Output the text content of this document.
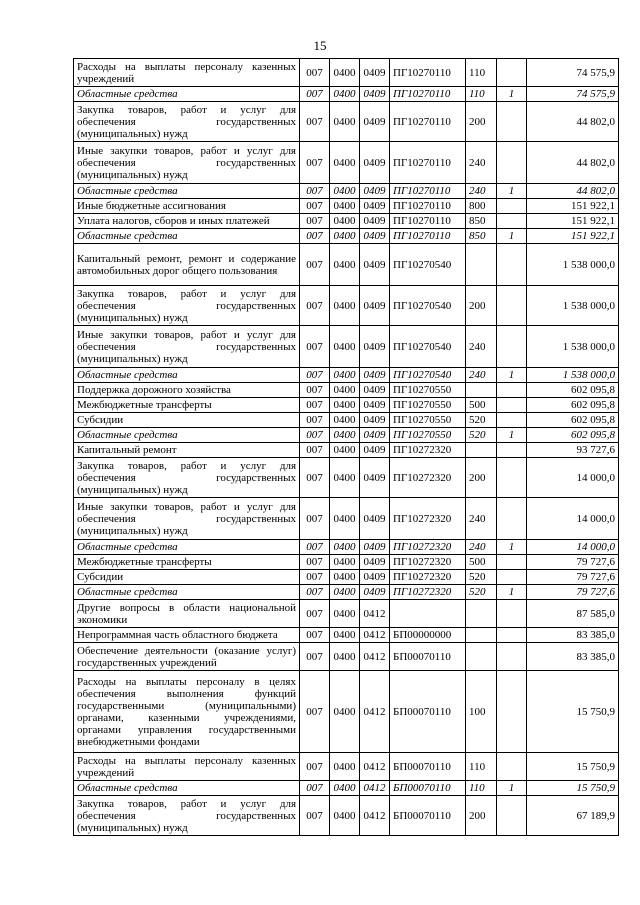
15
Расходы на выплаты персоналу казенных учреждений	007	0400	0409	ПГ10270110	110		74 575,9
Областные средства	007	0400	0409	ПГ10270110	110	1	74 575,9
Закупка товаров, работ и услуг для обеспечения государственных (муниципальных) нужд	007	0400	0409	ПГ10270110	200		44 802,0
Иные закупки товаров, работ и услуг для обеспечения государственных (муниципальных) нужд	007	0400	0409	ПГ10270110	240		44 802,0
Областные средства	007	0400	0409	ПГ10270110	240	1	44 802,0
Иные бюджетные ассигнования	007	0400	0409	ПГ10270110	800		151 922,1
Уплата налогов, сборов и иных платежей	007	0400	0409	ПГ10270110	850		151 922,1
Областные средства	007	0400	0409	ПГ10270110	850	1	151 922,1
Капитальный ремонт, ремонт и содержание автомобильных дорог общего пользования	007	0400	0409	ПГ10270540			1 538 000,0
Закупка товаров, работ и услуг для обеспечения государственных (муниципальных) нужд	007	0400	0409	ПГ10270540	200		1 538 000,0
Иные закупки товаров, работ и услуг для обеспечения государственных (муниципальных) нужд	007	0400	0409	ПГ10270540	240		1 538 000,0
Областные средства	007	0400	0409	ПГ10270540	240	1	1 538 000,0
Поддержка дорожного хозяйства	007	0400	0409	ПГ10270550			602 095,8
Межбюджетные трансферты	007	0400	0409	ПГ10270550	500		602 095,8
Субсидии	007	0400	0409	ПГ10270550	520		602 095,8
Областные средства	007	0400	0409	ПГ10270550	520	1	602 095,8
Капитальный ремонт	007	0400	0409	ПГ10272320			93 727,6
Закупка товаров, работ и услуг для обеспечения государственных (муниципальных) нужд	007	0400	0409	ПГ10272320	200		14 000,0
Иные закупки товаров, работ и услуг для обеспечения государственных (муниципальных) нужд	007	0400	0409	ПГ10272320	240		14 000,0
Областные средства	007	0400	0409	ПГ10272320	240	1	14 000,0
Межбюджетные трансферты	007	0400	0409	ПГ10272320	500		79 727,6
Субсидии	007	0400	0409	ПГ10272320	520		79 727,6
Областные средства	007	0400	0409	ПГ10272320	520	1	79 727,6
Другие вопросы в области национальной экономики	007	0400	0412				87 585,0
Непрограммная часть областного бюджета	007	0400	0412	БП00000000			83 385,0
Обеспечение деятельности (оказание услуг) государственных учреждений	007	0400	0412	БП00070110			83 385,0
Расходы на выплаты персоналу в целях обеспечения выполнения функций государственными (муниципальными) органами, казенными учреждениями, органами управления государственными внебюджетными фондами	007	0400	0412	БП00070110	100		15 750,9
Расходы на выплаты персоналу казенных учреждений	007	0400	0412	БП00070110	110		15 750,9
Областные средства	007	0400	0412	БП00070110	110	1	15 750,9
Закупка товаров, работ и услуг для обеспечения государственных (муниципальных) нужд	007	0400	0412	БП00070110	200		67 189,9
